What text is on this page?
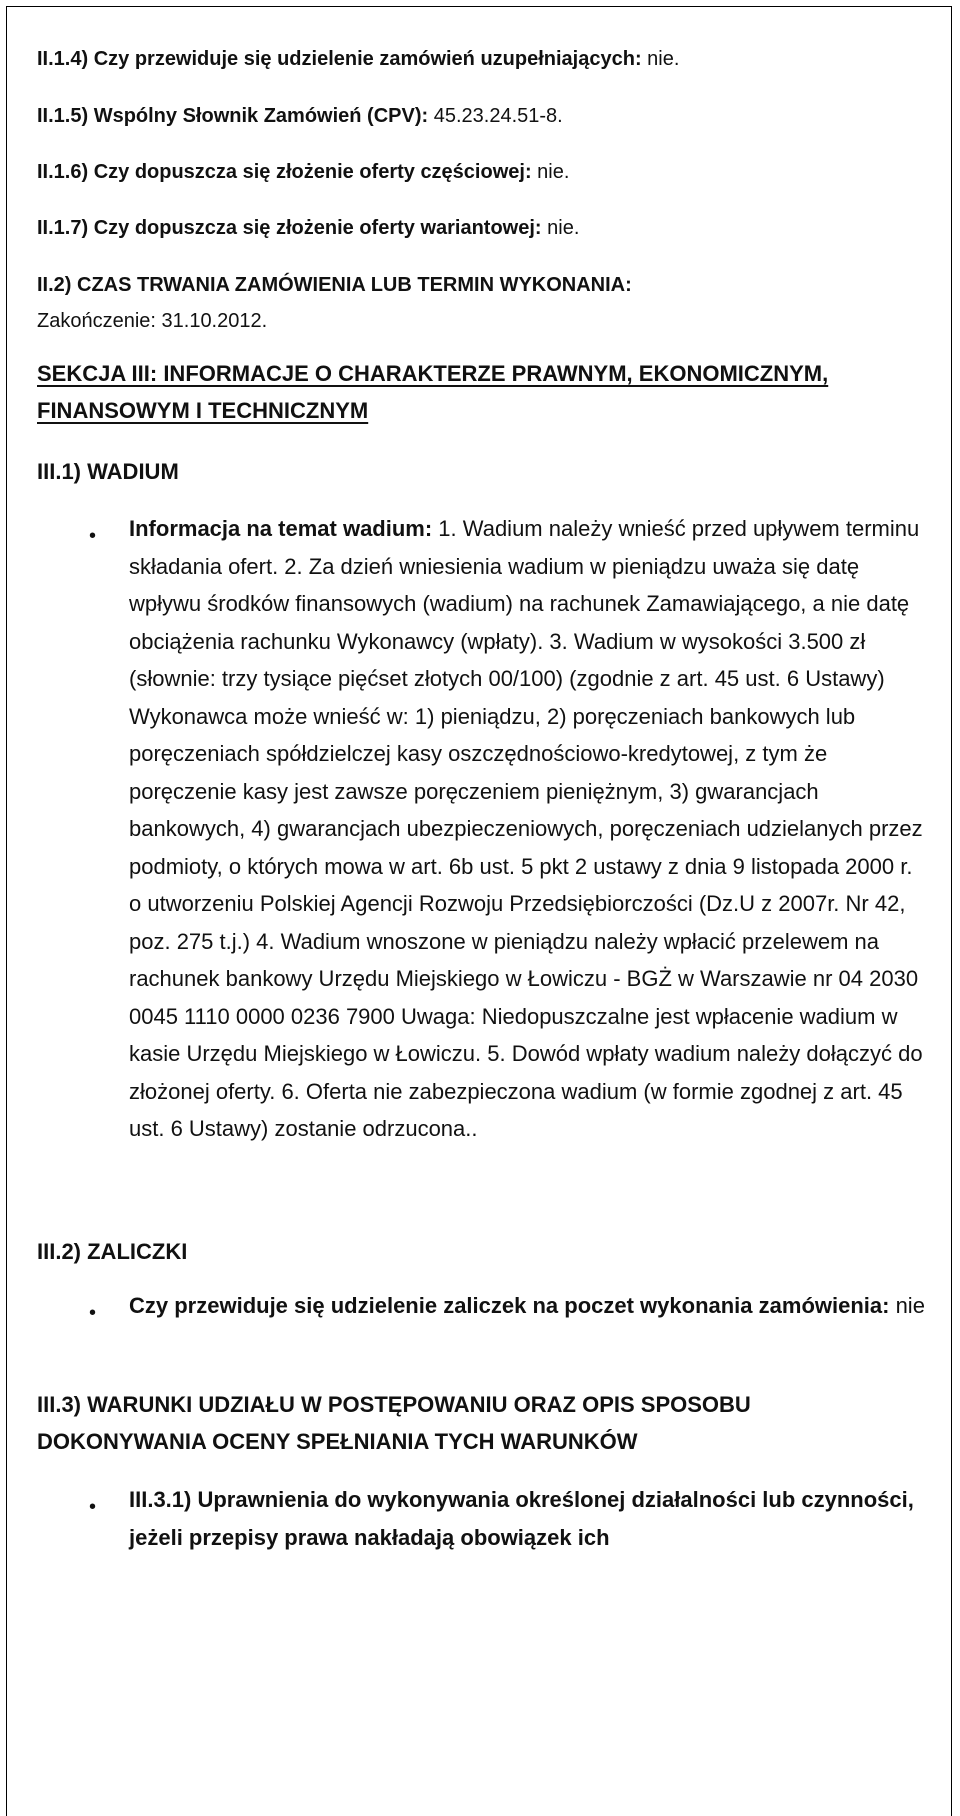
II.1.4) Czy przewiduje się udzielenie zamówień uzupełniających: nie.
II.1.5) Wspólny Słownik Zamówień (CPV): 45.23.24.51-8.
II.1.6) Czy dopuszcza się złożenie oferty częściowej: nie.
II.1.7) Czy dopuszcza się złożenie oferty wariantowej: nie.
II.2) CZAS TRWANIA ZAMÓWIENIA LUB TERMIN WYKONANIA:
Zakończenie: 31.10.2012.
SEKCJA III: INFORMACJE O CHARAKTERZE PRAWNYM, EKONOMICZNYM,
FINANSOWYM I TECHNICZNYM
III.1) WADIUM
• Informacja na temat wadium: 1. Wadium należy wnieść przed upływem terminu składania ofert. 2. Za dzień wniesienia wadium w pieniądzu uważa się datę wpływu środków finansowych (wadium) na rachunek Zamawiającego, a nie datę obciążenia rachunku Wykonawcy (wpłaty). 3. Wadium w wysokości 3.500 zł (słownie: trzy tysiące pięćset złotych 00/100) (zgodnie z art. 45 ust. 6 Ustawy) Wykonawca może wnieść w: 1) pieniądzu, 2) poręczeniach bankowych lub poręczeniach spółdzielczej kasy oszczędnościowo-kredytowej, z tym że poręczenie kasy jest zawsze poręczeniem pieniężnym, 3) gwarancjach bankowych, 4) gwarancjach ubezpieczeniowych, poręczeniach udzielanych przez podmioty, o których mowa w art. 6b ust. 5 pkt 2 ustawy z dnia 9 listopada 2000 r. o utworzeniu Polskiej Agencji Rozwoju Przedsiębiorczości (Dz.U z 2007r. Nr 42, poz. 275 t.j.) 4. Wadium wnoszone w pieniądzu należy wpłacić przelewem na rachunek bankowy Urzędu Miejskiego w Łowiczu - BGŻ w Warszawie nr 04 2030 0045 1110 0000 0236 7900 Uwaga: Niedopuszczalne jest wpłacenie wadium w kasie Urzędu Miejskiego w Łowiczu. 5. Dowód wpłaty wadium należy dołączyć do złożonej oferty. 6. Oferta nie zabezpieczona wadium (w formie zgodnej z art. 45 ust. 6 Ustawy) zostanie odrzucona..
III.2) ZALICZKI
• Czy przewiduje się udzielenie zaliczek na poczet wykonania zamówienia: nie
III.3) WARUNKI UDZIAŁU W POSTĘPOWANIU ORAZ OPIS SPOSOBU
DOKONYWANIA OCENY SPEŁNIANIA TYCH WARUNKÓW
• III.3.1) Uprawnienia do wykonywania określonej działalności lub czynności, jeżeli przepisy prawa nakładają obowiązek ich
